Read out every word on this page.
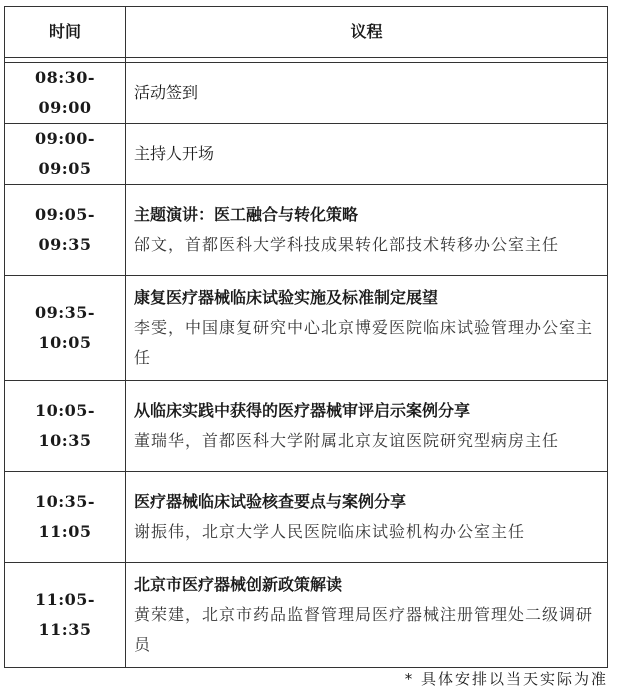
时间	议程

08:30-09:00	活动签到

09:00-09:05	主持人开场

09:05-09:35	主题演讲：医工融合与转化策略
邰文，首都医科大学科技成果转化部技术转移办公室主任

09:35-10:05	康复医疗器械临床试验实施及标准制定展望
李雯，中国康复研究中心北京博爱医院临床试验管理办公室主任

10:05-10:35	从临床实践中获得的医疗器械审评启示案例分享
董瑞华，首都医科大学附属北京友谊医院研究型病房主任

10:35-11:05	医疗器械临床试验核查要点与案例分享
谢振伟，北京大学人民医院临床试验机构办公室主任

11:05-11:35	北京市医疗器械创新政策解读
黄荣建，北京市药品监督管理局医疗器械注册管理处二级调研员
* 具体安排以当天实际为准
